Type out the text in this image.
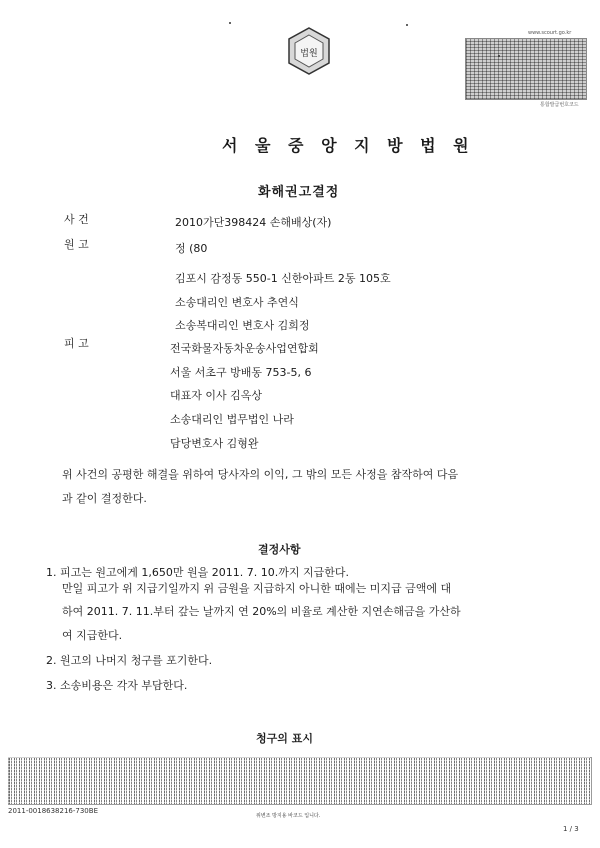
법원
www.scourt.go.kr
통합발급번호코드
서 울 중 앙 지 방 법 원
화해권고결정
사 건	2010가단398424 손해배상(자)
원 고	정 (80
김포시 감정동 550-1 신한아파트 2동 105호
소송대리인 변호사 추연식
소송복대리인 변호사 김희정
피 고	전국화물자동차운송사업연합회
서울 서초구 방배동 753-5, 6
대표자 이사 김옥상
소송대리인 법무법인 나라
담당변호사 김형완
위 사건의 공평한 해결을 위하여 당사자의 이익, 그 밖의 모든 사정을 참작하여 다음
과 같이 결정한다.
결정사항
1. 피고는 원고에게 1,650만 원을 2011. 7. 10.까지 지급한다.
만일 피고가 위 지급기일까지 위 금원을 지급하지 아니한 때에는 미지급 금액에 대
하여 2011. 7. 11.부터 갚는 날까지 연 20%의 비율로 계산한 지연손해금을 가산하
여 지급한다.
2. 원고의 나머지 청구를 포기한다.
3. 소송비용은 각자 부담한다.
청구의 표시
2011-0018638216-730BE
위변조 방지용 바코드 입니다.
1 / 3
